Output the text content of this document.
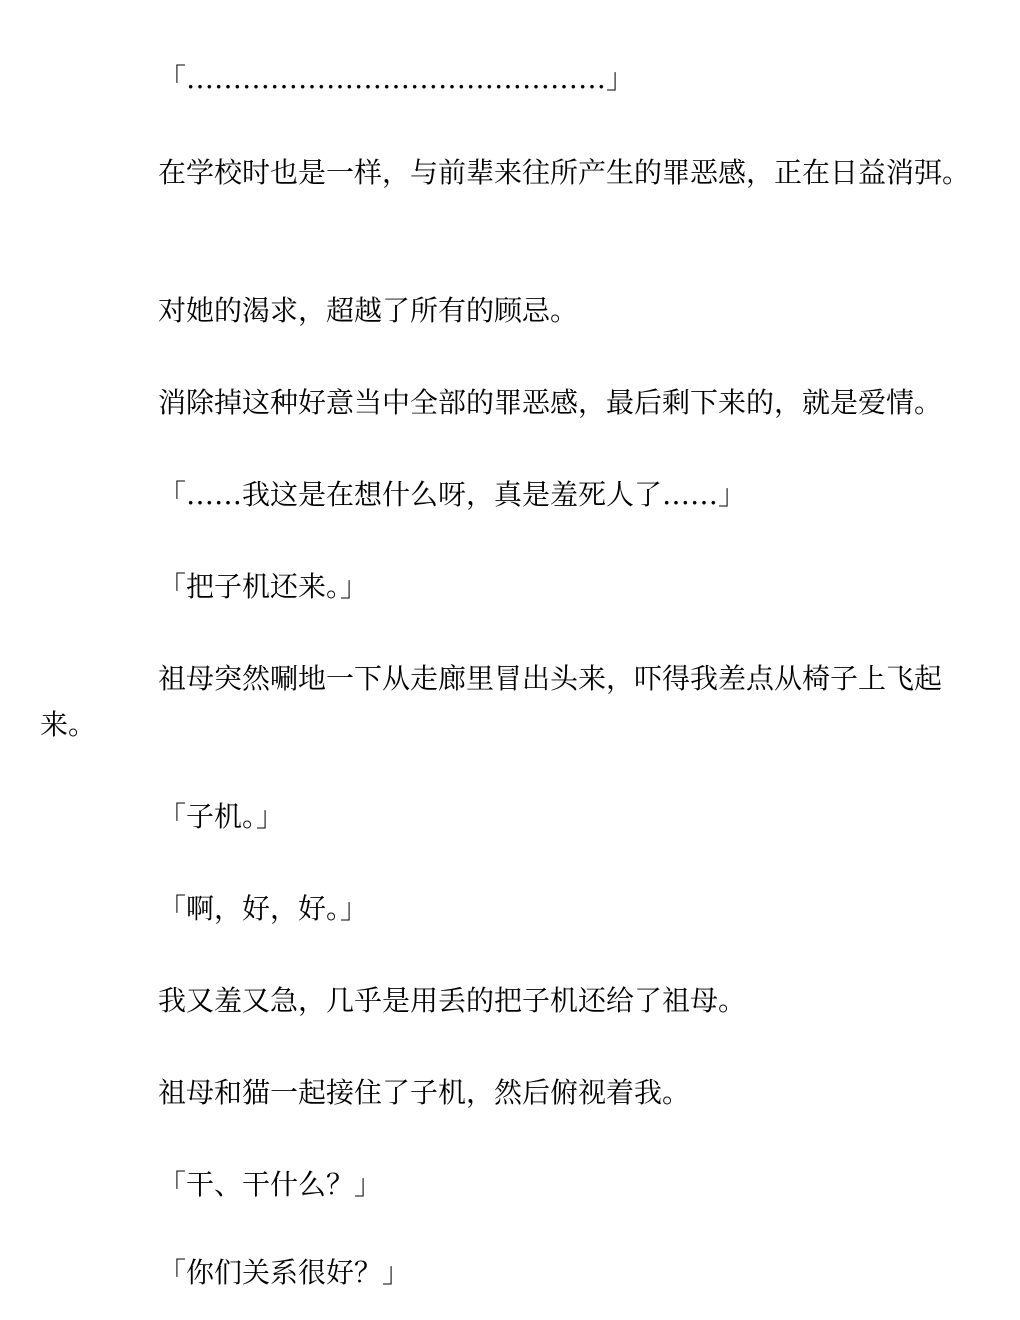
「………………………………………」

在学校时也是一样，与前辈来往所产生的罪恶感，正在日益消弭。

对她的渴求，超越了所有的顾忌。

消除掉这种好意当中全部的罪恶感，最后剩下来的，就是爱情。

「……我这是在想什么呀，真是羞死人了……」

「把子机还来。」

祖母突然唰地一下从走廊里冒出头来，吓得我差点从椅子上飞起来。

「子机。」

「啊，好，好。」

我又羞又急，几乎是用丢的把子机还给了祖母。

祖母和猫一起接住了子机，然后俯视着我。

「干、干什么？」

「你们关系很好？」
